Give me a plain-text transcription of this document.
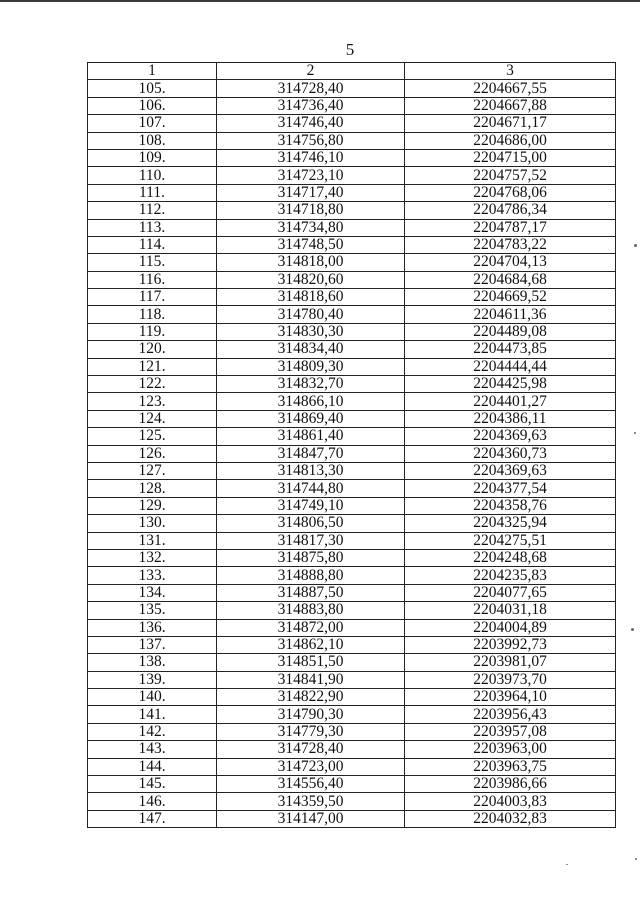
5
1	2	3
105.	314728,40	2204667,55
106.	314736,40	2204667,88
107.	314746,40	2204671,17
108.	314756,80	2204686,00
109.	314746,10	2204715,00
110.	314723,10	2204757,52
111.	314717,40	2204768,06
112.	314718,80	2204786,34
113.	314734,80	2204787,17
114.	314748,50	2204783,22
115.	314818,00	2204704,13
116.	314820,60	2204684,68
117.	314818,60	2204669,52
118.	314780,40	2204611,36
119.	314830,30	2204489,08
120.	314834,40	2204473,85
121.	314809,30	2204444,44
122.	314832,70	2204425,98
123.	314866,10	2204401,27
124.	314869,40	2204386,11
125.	314861,40	2204369,63
126.	314847,70	2204360,73
127.	314813,30	2204369,63
128.	314744,80	2204377,54
129.	314749,10	2204358,76
130.	314806,50	2204325,94
131.	314817,30	2204275,51
132.	314875,80	2204248,68
133.	314888,80	2204235,83
134.	314887,50	2204077,65
135.	314883,80	2204031,18
136.	314872,00	2204004,89
137.	314862,10	2203992,73
138.	314851,50	2203981,07
139.	314841,90	2203973,70
140.	314822,90	2203964,10
141.	314790,30	2203956,43
142.	314779,30	2203957,08
143.	314728,40	2203963,00
144.	314723,00	2203963,75
145.	314556,40	2203986,66
146.	314359,50	2204003,83
147.	314147,00	2204032,83
